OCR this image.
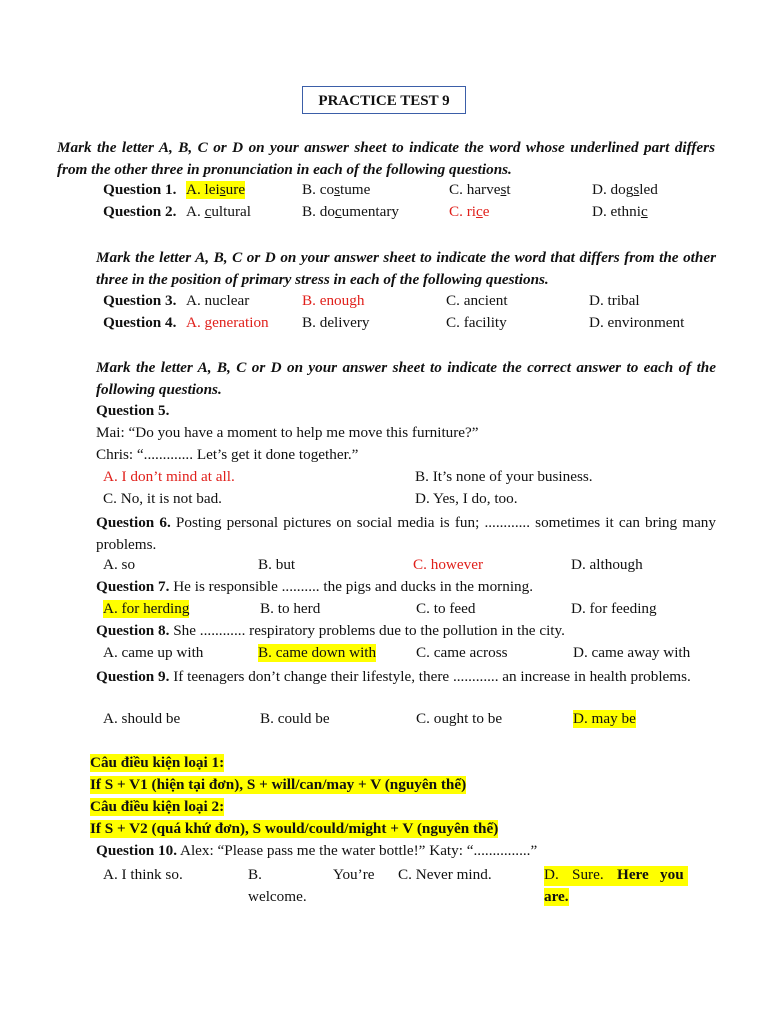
PRACTICE TEST 9
Mark the letter A, B, C or D on your answer sheet to indicate the word whose underlined part differs from the other three in pronunciation in each of the following questions.
Question 1. A. leisure	B. costume	C. harvest	D. dogsled
Question 2. A. cultural	B. documentary	C. rice	D. ethnic
Mark the letter A, B, C or D on your answer sheet to indicate the word that differs from the other three in the position of primary stress in each of the following questions.
Question 3. A. nuclear	B. enough	C. ancient	D. tribal
Question 4. A. generation B. delivery	C. facility	D. environment
Mark the letter A, B, C or D on your answer sheet to indicate the correct answer to each of the following questions.
Question 5.
Mai: “Do you have a moment to help me move this furniture?”
Chris: “............. Let’s get it done together.”
A. I don’t mind at all.	B. It’s none of your business.
C. No, it is not bad.	D. Yes, I do, too.
Question 6. Posting personal pictures on social media is fun; ............ sometimes it can bring many problems.
A. so	B. but	C. however	D. although
Question 7. He is responsible .......... the pigs and ducks in the morning.
A. for herding	B. to herd	C. to feed	D. for feeding
Question 8. She ............ respiratory problems due to the pollution in the city.
A. came up with	B. came down with	C. came across	D. came away with
Question 9. If teenagers don’t change their lifestyle, there ............ an increase in health problems.
A. should be	B. could be	C. ought to be	D. may be
Câu điều kiện loại 1:
If S + V1 (hiện tại đơn), S + will/can/may + V (nguyên thể)
Câu điều kiện loại 2:
If S + V2 (quá khứ đơn), S would/could/might + V (nguyên thể)
Question 10. Alex: “Please pass me the water bottle!” Katy: “...............”
A. I think so.	B.	You’re
welcome.
C. Never mind.	D. Sure. Here you
are.
